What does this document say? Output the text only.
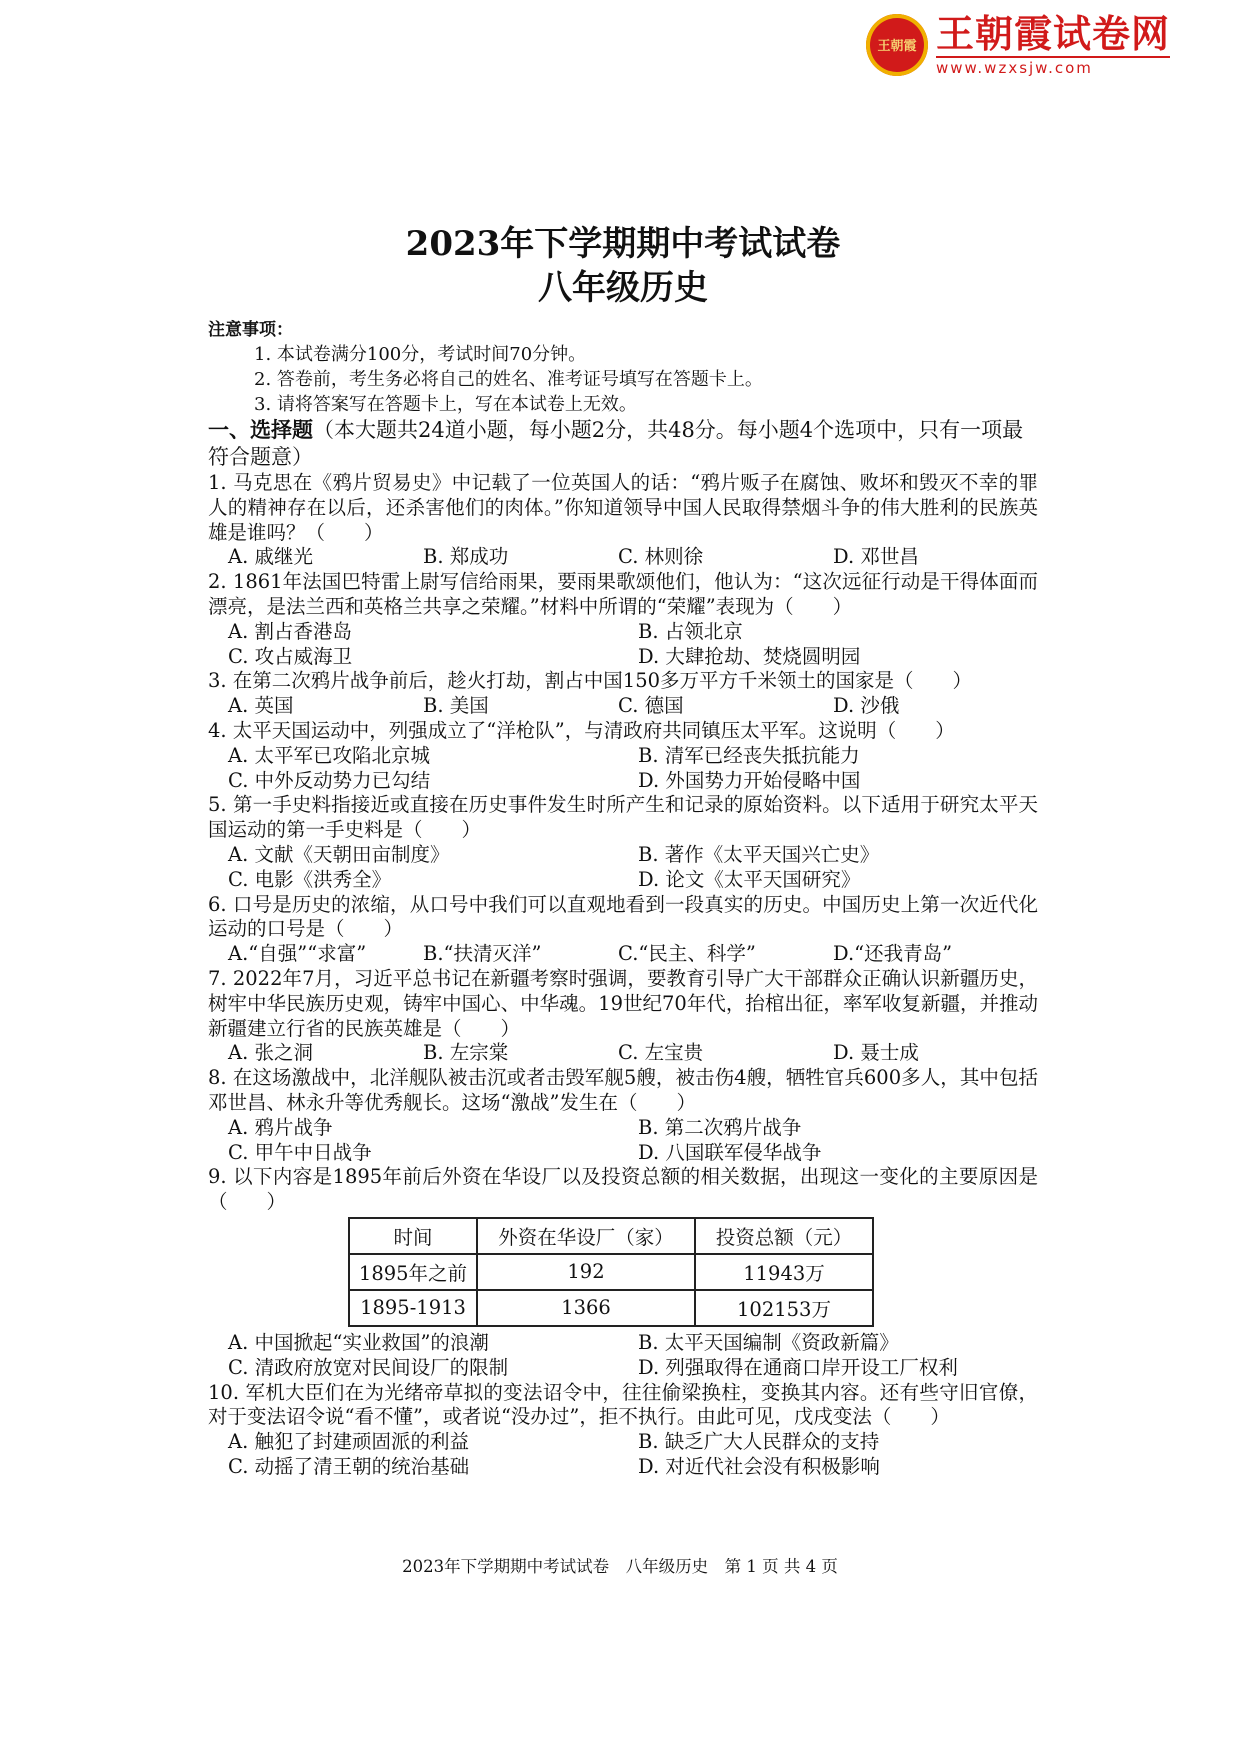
王朝霞 王朝霞试卷网
www.wzxsjw.com
2023年下学期期中考试试卷
八年级历史
注意事项：
1. 本试卷满分100分，考试时间70分钟。
2. 答卷前，考生务必将自己的姓名、准考证号填写在答题卡上。
3. 请将答案写在答题卡上，写在本试卷上无效。
一、选择题（本大题共24道小题，每小题2分，共48分。每小题4个选项中，只有一项最符合题意）
1. 马克思在《鸦片贸易史》中记载了一位英国人的话：“鸦片贩子在腐蚀、败坏和毁灭不幸的罪人的精神存在以后，还杀害他们的肉体。”你知道领导中国人民取得禁烟斗争的伟大胜利的民族英雄是谁吗？（　　）
A. 戚继光	B. 郑成功	C. 林则徐	D. 邓世昌
2. 1861年法国巴特雷上尉写信给雨果，要雨果歌颂他们，他认为：“这次远征行动是干得体面而漂亮，是法兰西和英格兰共享之荣耀。”材料中所谓的“荣耀”表现为（　　）
A. 割占香港岛	B. 占领北京
C. 攻占威海卫	D. 大肆抢劫、焚烧圆明园
3. 在第二次鸦片战争前后，趁火打劫，割占中国150多万平方千米领土的国家是（　　）
A. 英国	B. 美国	C. 德国	D. 沙俄
4. 太平天国运动中，列强成立了“洋枪队”，与清政府共同镇压太平军。这说明（　　）
A. 太平军已攻陷北京城	B. 清军已经丧失抵抗能力
C. 中外反动势力已勾结	D. 外国势力开始侵略中国
5. 第一手史料指接近或直接在历史事件发生时所产生和记录的原始资料。以下适用于研究太平天国运动的第一手史料是（　　）
A. 文献《天朝田亩制度》	B. 著作《太平天国兴亡史》
C. 电影《洪秀全》	D. 论文《太平天国研究》
6. 口号是历史的浓缩，从口号中我们可以直观地看到一段真实的历史。中国历史上第一次近代化运动的口号是（　　）
A.“自强”“求富”	B.“扶清灭洋”	C.“民主、科学”	D.“还我青岛”
7. 2022年7月，习近平总书记在新疆考察时强调，要教育引导广大干部群众正确认识新疆历史，树牢中华民族历史观，铸牢中国心、中华魂。19世纪70年代，抬棺出征，率军收复新疆，并推动新疆建立行省的民族英雄是（　　）
A. 张之洞	B. 左宗棠	C. 左宝贵	D. 聂士成
8. 在这场激战中，北洋舰队被击沉或者击毁军舰5艘，被击伤4艘，牺牲官兵600多人，其中包括邓世昌、林永升等优秀舰长。这场“激战”发生在（　　）
A. 鸦片战争	B. 第二次鸦片战争
C. 甲午中日战争	D. 八国联军侵华战争
9. 以下内容是1895年前后外资在华设厂以及投资总额的相关数据，出现这一变化的主要原因是（　　）
时间	外资在华设厂（家）	投资总额（元）
1895年之前	192	11943万
1895-1913	1366	102153万
A. 中国掀起“实业救国”的浪潮	B. 太平天国编制《资政新篇》
C. 清政府放宽对民间设厂的限制	D. 列强取得在通商口岸开设工厂权利
10. 军机大臣们在为光绪帝草拟的变法诏令中，往往偷梁换柱，变换其内容。还有些守旧官僚，对于变法诏令说“看不懂”，或者说“没办过”，拒不执行。由此可见，戊戌变法（　　）
A. 触犯了封建顽固派的利益	B. 缺乏广大人民群众的支持
C. 动摇了清王朝的统治基础	D. 对近代社会没有积极影响
2023年下学期期中考试试卷　八年级历史　第 1 页 共 4 页
